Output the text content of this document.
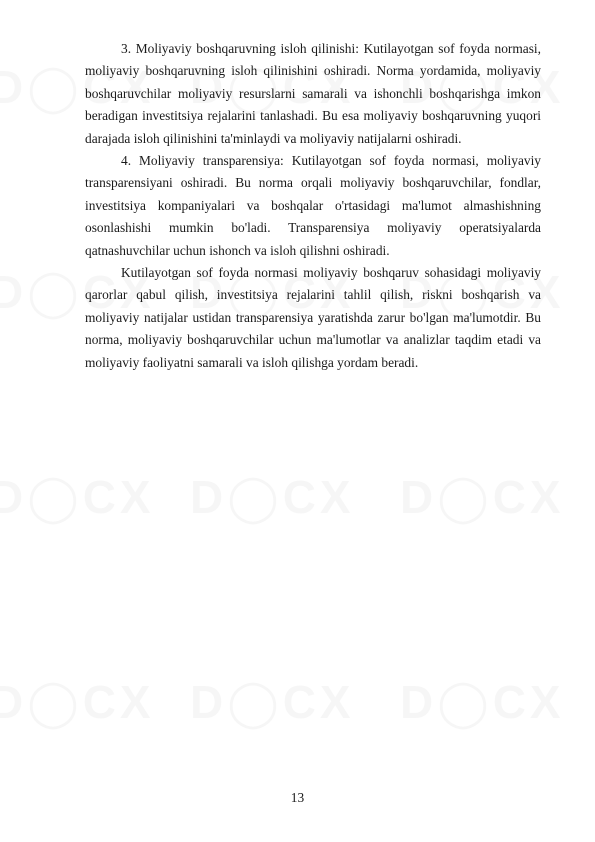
3. Moliyaviy boshqaruvning isloh qilinishi: Kutilayotgan sof foyda normasi, moliyaviy boshqaruvning isloh qilinishini oshiradi. Norma yordamida, moliyaviy boshqaruvchilar moliyaviy resurslarni samarali va ishonchli boshqarishga imkon beradigan investitsiya rejalarini tanlashadi. Bu esa moliyaviy boshqaruvning yuqori darajada isloh qilinishini ta'minlaydi va moliyaviy natijalarni oshiradi.

4. Moliyaviy transparensiya: Kutilayotgan sof foyda normasi, moliyaviy transparensiyani oshiradi. Bu norma orqali moliyaviy boshqaruvchilar, fondlar, investitsiya kompaniyalari va boshqalar o'rtasidagi ma'lumot almashishning osonlashishi mumkin bo'ladi. Transparensiya moliyaviy operatsiyalarda qatnashuvchilar uchun ishonch va isloh qilishni oshiradi.

Kutilayotgan sof foyda normasi moliyaviy boshqaruv sohasidagi moliyaviy qarorlar qabul qilish, investitsiya rejalarini tahlil qilish, riskni boshqarish va moliyaviy natijalar ustidan transparensiya yaratishda zarur bo'lgan ma'lumotdir. Bu norma, moliyaviy boshqaruvchilar uchun ma'lumotlar va analizlar taqdim etadi va moliyaviy faoliyatni samarali va isloh qilishga yordam beradi.

13
